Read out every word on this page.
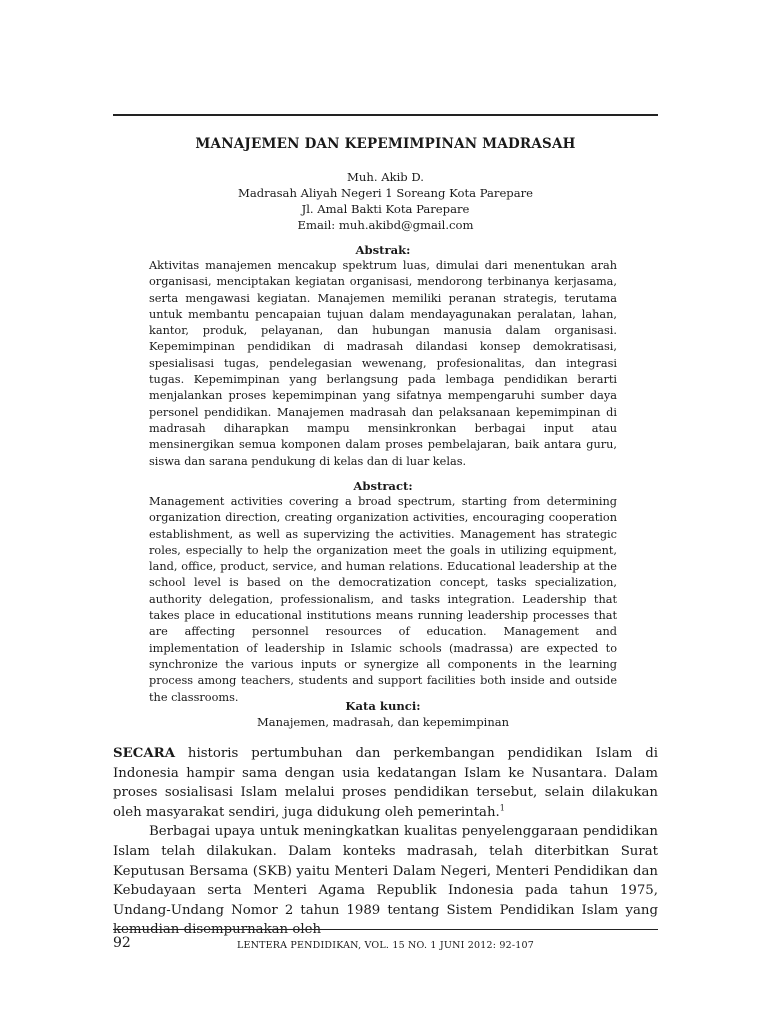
MANAJEMEN DAN KEPEMIMPINAN MADRASAH
Muh. Akib D.
Madrasah Aliyah Negeri 1 Soreang Kota Parepare
Jl. Amal Bakti Kota Parepare
Email: muh.akibd@gmail.com

Abstrak:

Aktivitas manajemen mencakup spektrum luas, dimulai dari menentukan arah organisasi, menciptakan kegiatan organisasi, mendorong terbinanya kerjasama, serta mengawasi kegiatan. Manajemen memiliki peranan strategis, terutama untuk membantu pencapaian tujuan dalam mendayagunakan peralatan, lahan, kantor, produk, pelayanan, dan hubungan manusia dalam organisasi. Kepemimpinan pendidikan di madrasah dilandasi konsep demokratisasi, spesialisasi tugas, pendelegasian wewenang, profesionalitas, dan integrasi tugas. Kepemimpinan yang berlangsung pada lembaga pendidikan berarti menjalankan proses kepemimpinan yang sifatnya mempengaruhi sumber daya personel pendidikan. Manajemen madrasah dan pelaksanaan kepemimpinan di madrasah diharapkan mampu mensinkronkan berbagai input atau mensinergikan semua komponen dalam proses pembelajaran, baik antara guru, siswa dan sarana pendukung di kelas dan di luar kelas.

Abstract:

Management activities covering a broad spectrum, starting from determining organization direction, creating organization activities, encouraging cooperation establishment, as well as supervizing the activities. Management has strategic roles, especially to help the organization meet the goals in utilizing equipment, land, office, product, service, and human relations. Educational leadership at the school level is based on the democratization concept, tasks specialization, authority delegation, professionalism, and tasks integration. Leadership that takes place in educational institutions means running leadership processes that are affecting personnel resources of education. Management and implementation of leadership in Islamic schools (madrassa) are expected to synchronize the various inputs or synergize all components in the learning process among teachers, students and support facilities both inside and outside the classrooms.

Kata kunci:

Manajemen, madrasah, dan kepemimpinan

SECARA historis pertumbuhan dan perkembangan pendidikan Islam di Indonesia hampir sama dengan usia kedatangan Islam ke Nusantara. Dalam proses sosialisasi Islam melalui proses pendidikan tersebut, selain dilakukan oleh masyarakat sendiri, juga didukung oleh pemerintah.$^1$

Berbagai upaya untuk meningkatkan kualitas penyelenggaraan pendidikan Islam telah dilakukan. Dalam konteks madrasah, telah diterbitkan Surat Keputusan Bersama (SKB) yaitu Menteri Dalam Negeri, Menteri Pendidikan dan Kebudayaan serta Menteri Agama Republik Indonesia pada tahun 1975, Undang-Undang Nomor 2 tahun 1989 tentang Sistem Pendidikan Islam yang kemudian disempurnakan oleh

92	LENTERA PENDIDIKAN, VOL. 15 NO. 1 JUNI 2012: 92-107
